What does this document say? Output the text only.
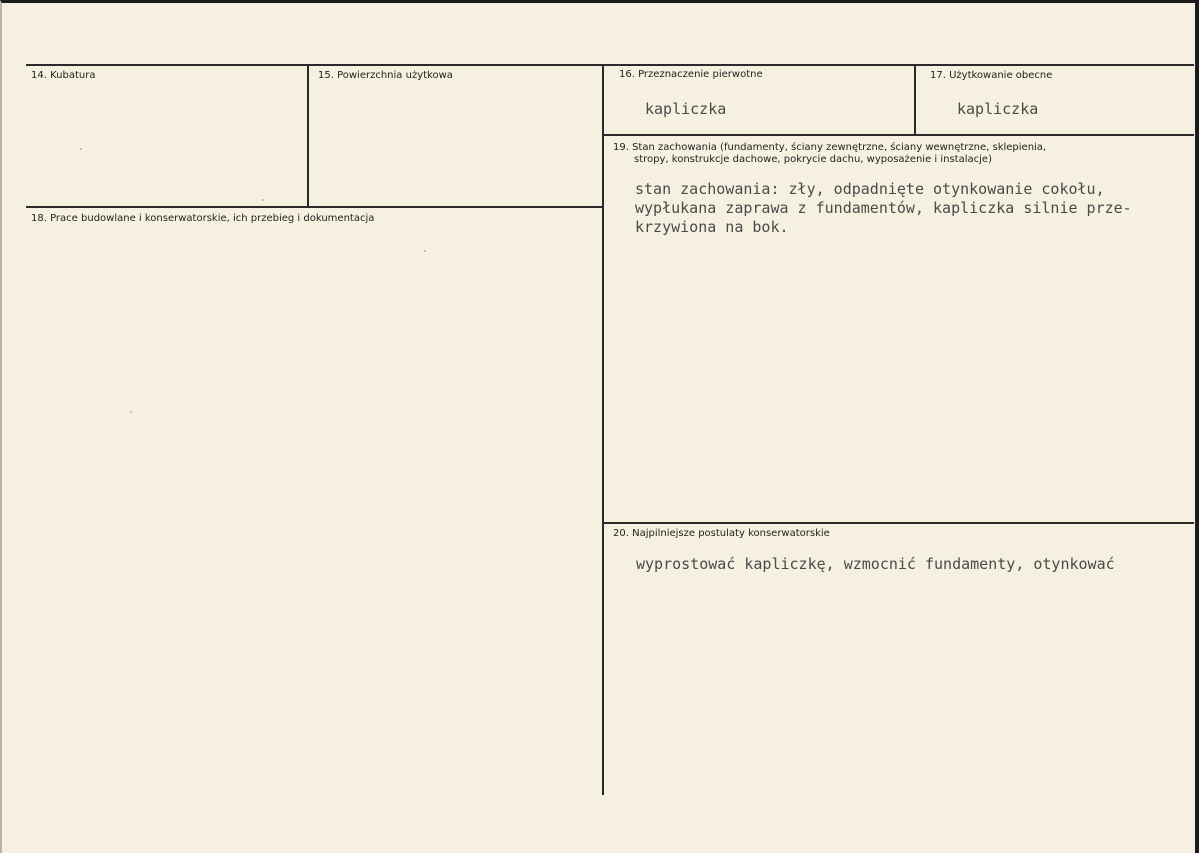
14. Kubatura	15. Powierzchnia użytkowa	16. Przeznaczenie pierwotne
kapliczka
17. Użytkowanie obecne
kapliczka
18. Prace budowlane i konserwatorskie, ich przebieg i dokumentacja
19. Stan zachowania (fundamenty, ściany zewnętrzne, ściany wewnętrzne, sklepienia,
stropy, konstrukcje dachowe, pokrycie dachu, wyposażenie i instalacje)
stan zachowania: zły, odpadnięte otynkowanie cokołu,
wypłukana zaprawa z fundamentów, kapliczka silnie prze-
krzywiona na bok.
20. Najpilniejsze postulaty konserwatorskie
wyprostować kapliczkę, wzmocnić fundamenty, otynkować
